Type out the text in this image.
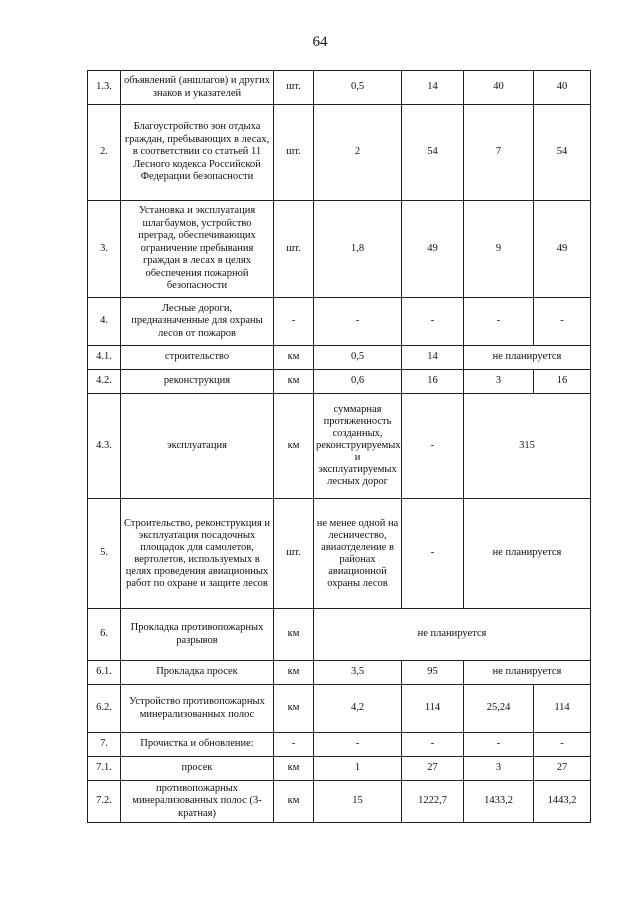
64
1.3.	объявлений (аншлагов) и других знаков и указателей	шт.	0,5	14	40	40
2.	Благоустройство зон отдыха граждан, пребывающих в лесах, в соответствии со статьей 11 Лесного кодекса Российской Федерации безопасности	шт.	2	54	7	54
3.	Установка и эксплуатация шлагбаумов, устройство преград, обеспечивающих ограничение пребывания граждан в лесах в целях обеспечения пожарной безопасности	шт.	1,8	49	9	49
4.	Лесные дороги, предназначенные для охраны лесов от пожаров	-	-	-	-	-
4.1.	строительство	км	0,5	14	не планируется	
4.2.	реконструкция	км	0,6	16	3	16
4.3.	эксплуатация	км	суммарная протяженность созданных, реконструируемых и эксплуатируемых лесных дорог	-	315	
5.	Строительство, реконструкция и эксплуатация посадочных площадок для самолетов, вертолетов, используемых в целях проведения авиационных работ по охране и защите лесов	шт.	не менее одной на лесничество, авиаотделение в районах авиационной охраны лесов	-	не планируется	
6.	Прокладка противопожарных разрывов	км	не планируется			
6.1.	Прокладка просек	км	3,5	95	не планируется	
6.2.	Устройство противопожарных минерализованных полос	км	4,2	114	25,24	114
7.	Прочистка и обновление:	-	-	-	-	-
7.1.	просек	км	1	27	3	27
7.2.	противопожарных минерализованных полос (3-кратная)	км	15	1222,7	1433,2	1443,2
